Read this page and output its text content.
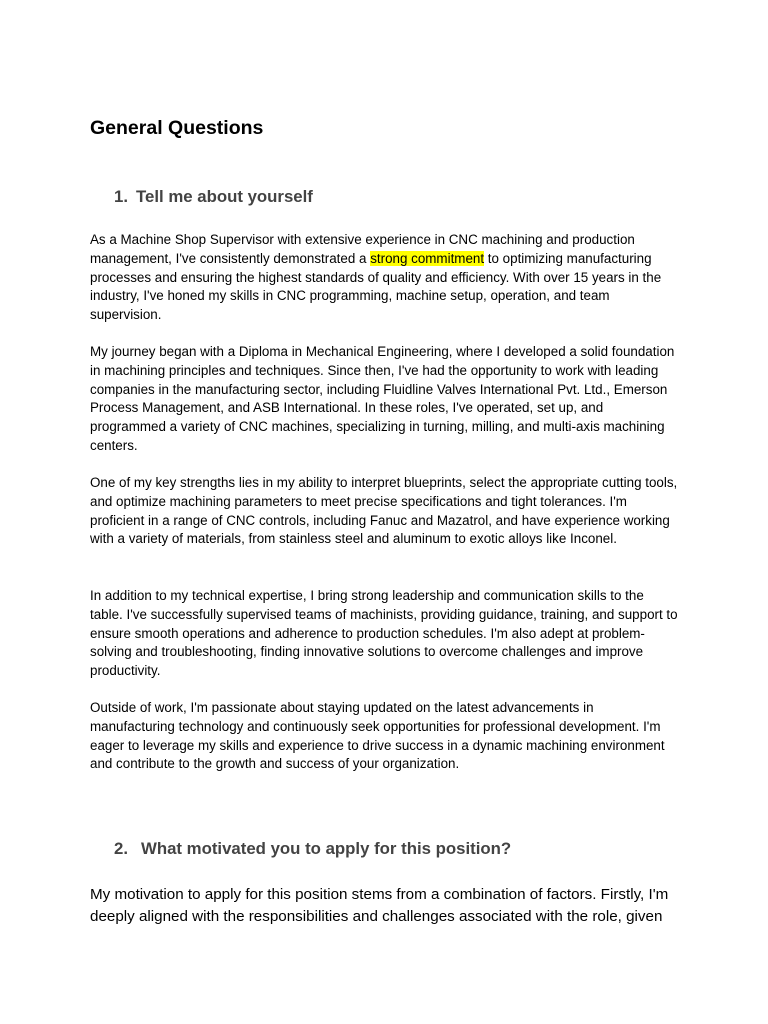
General Questions
1. Tell me about yourself

As a Machine Shop Supervisor with extensive experience in CNC machining and production management, I've consistently demonstrated a strong commitment to optimizing manufacturing processes and ensuring the highest standards of quality and efficiency. With over 15 years in the industry, I've honed my skills in CNC programming, machine setup, operation, and team supervision.

My journey began with a Diploma in Mechanical Engineering, where I developed a solid foundation in machining principles and techniques. Since then, I've had the opportunity to work with leading companies in the manufacturing sector, including Fluidline Valves International Pvt. Ltd., Emerson Process Management, and ASB International. In these roles, I've operated, set up, and programmed a variety of CNC machines, specializing in turning, milling, and multi-axis machining centers.

One of my key strengths lies in my ability to interpret blueprints, select the appropriate cutting tools, and optimize machining parameters to meet precise specifications and tight tolerances. I'm proficient in a range of CNC controls, including Fanuc and Mazatrol, and have experience working with a variety of materials, from stainless steel and aluminum to exotic alloys like Inconel.

In addition to my technical expertise, I bring strong leadership and communication skills to the table. I've successfully supervised teams of machinists, providing guidance, training, and support to ensure smooth operations and adherence to production schedules. I'm also adept at problem-solving and troubleshooting, finding innovative solutions to overcome challenges and improve productivity.

Outside of work, I'm passionate about staying updated on the latest advancements in manufacturing technology and continuously seek opportunities for professional development. I'm eager to leverage my skills and experience to drive success in a dynamic machining environment and contribute to the growth and success of your organization.

2. What motivated you to apply for this position?

My motivation to apply for this position stems from a combination of factors. Firstly, I'm deeply aligned with the responsibilities and challenges associated with the role, given
